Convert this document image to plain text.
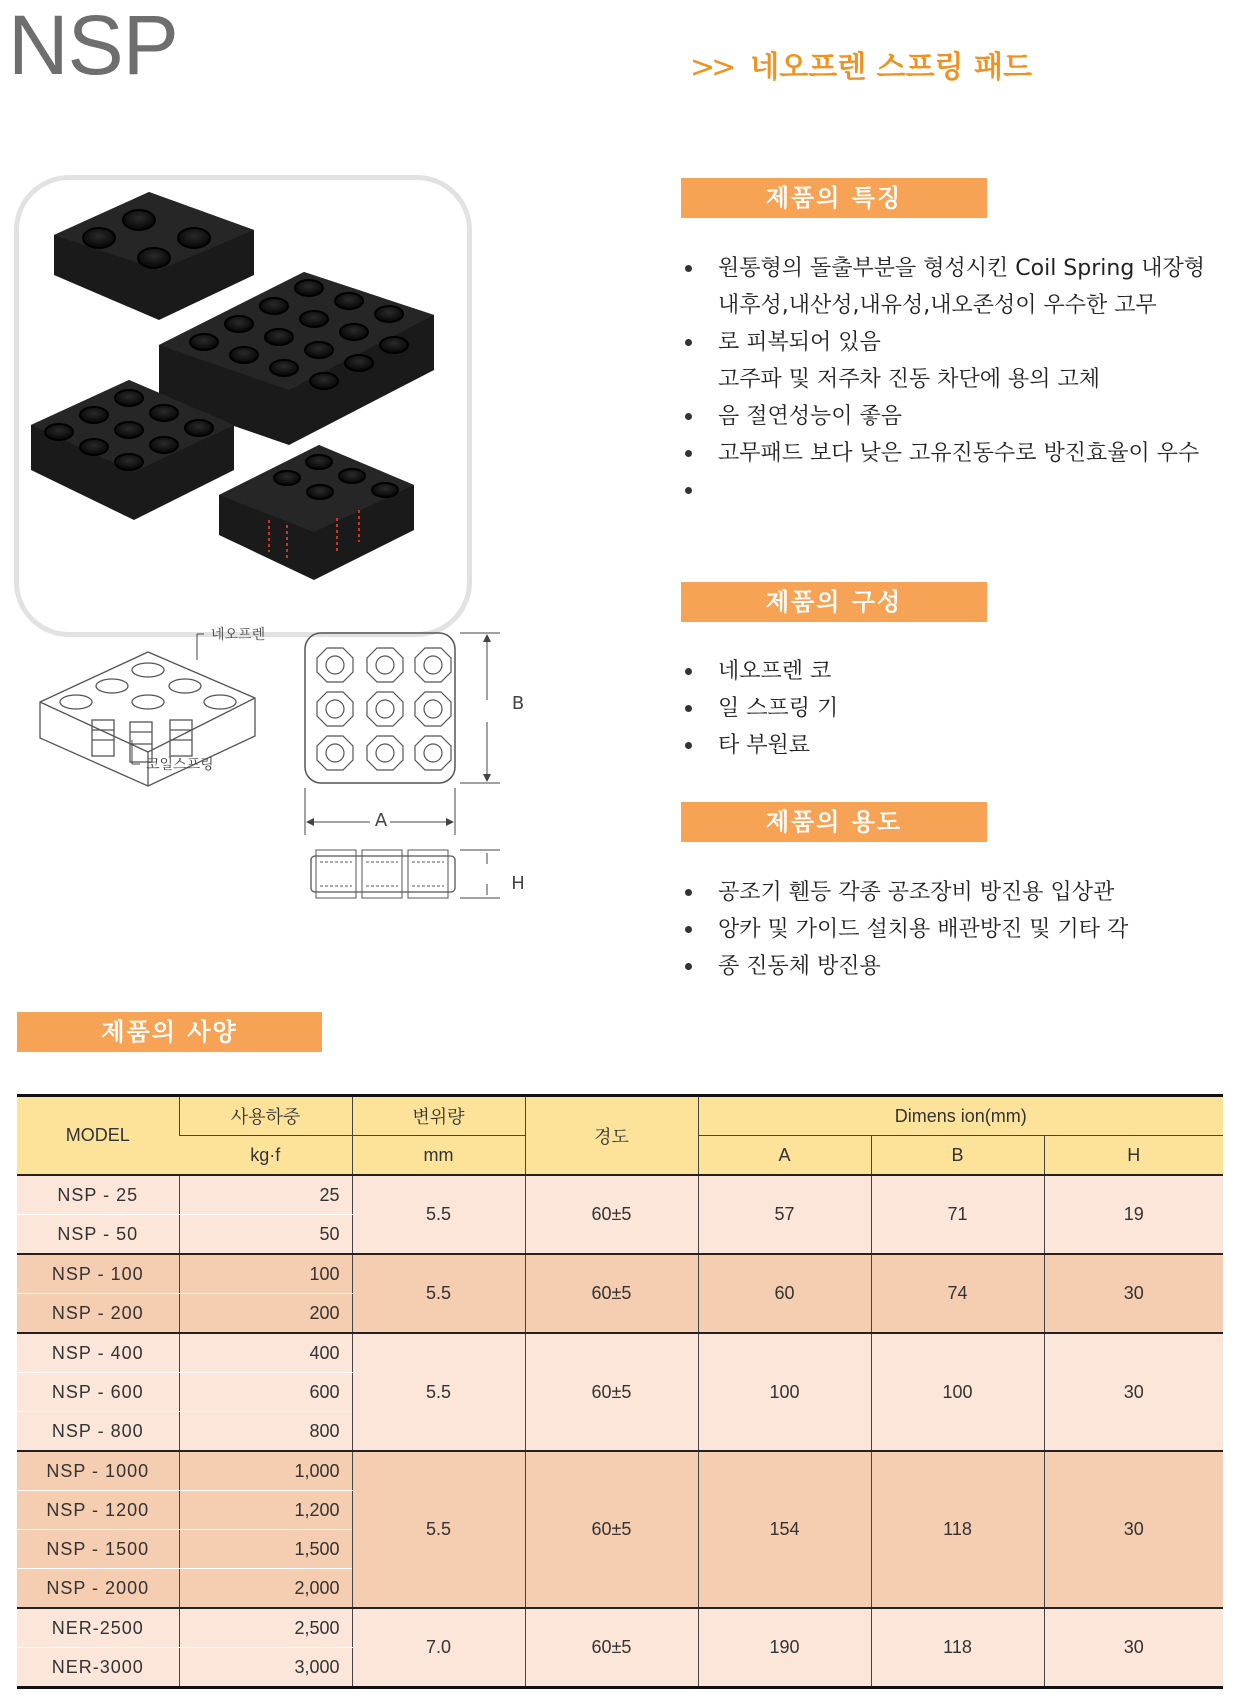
NSP	>> 네오프렌 스프링 패드
네오프렌
코일스프링
B
A
H
제품의 특징
원통형의 돌출부분을 형성시킨 Coil Spring 내장형
내후성,내산성,내유성,내오존성이 우수한 고무
로 피복되어 있음
고주파 및 저주차 진동 차단에 용의 고체
음 절연성능이 좋음
고무패드 보다 낮은 고유진동수로 방진효율이 우수
제품의 구성
네오프렌 코
일 스프링 기
타 부원료
제품의 용도
공조기 휀등 각종 공조장비 방진용 입상관
앙카 및 가이드 설치용 배관방진 및 기타 각
종 진동체 방진용
제품의 사양
MODEL	사용하중	변위량	경도	Dimens ion(mm)		
	kg·f	mm		A	B	H
NSP - 25	25	5.5	60±5	57	71	19
NSP - 50	50					
NSP - 100	100	5.5	60±5	60	74	30
NSP - 200	200					
NSP - 400	400	5.5	60±5	100	100	30
NSP - 600	600					
NSP - 800	800					
NSP - 1000	1,000	5.5	60±5	154	118	30
NSP - 1200	1,200					
NSP - 1500	1,500					
NSP - 2000	2,000					
NER-2500	2,500	7.0	60±5	190	118	30
NER-3000	3,000					
